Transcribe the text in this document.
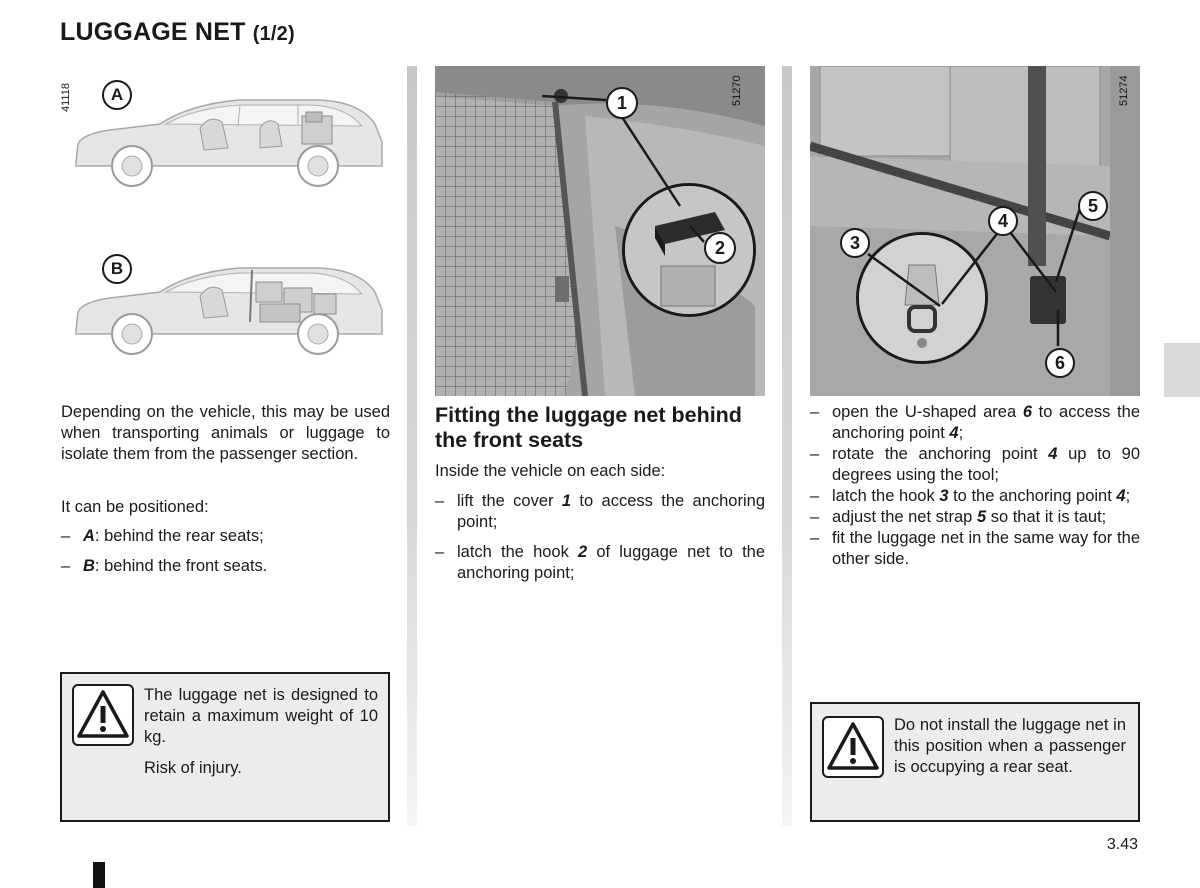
LUGGAGE NET (1/2)
41118	A
B
Depending on the vehicle, this may be used when transporting animals or luggage to isolate them from the passenger section.
It can be positioned:
– A: behind the rear seats;
– B: behind the front seats.
The luggage net is designed to retain a maximum weight of 10 kg.
Risk of injury.
51270
1
2
Fitting the luggage net behind the front seats
Inside the vehicle on each side:
– lift the cover 1 to access the anchoring point;
– latch the hook 2 of luggage net to the anchoring point;
51274
3
4
5
6
– open the U-shaped area 6 to access the anchoring point 4;
– rotate the anchoring point 4 up to 90 degrees using the tool;
– latch the hook 3 to the anchoring point 4;
– adjust the net strap 5 so that it is taut;
– fit the luggage net in the same way for the other side.
Do not install the luggage net in this position when a passenger is occupying a rear seat.
3.43
